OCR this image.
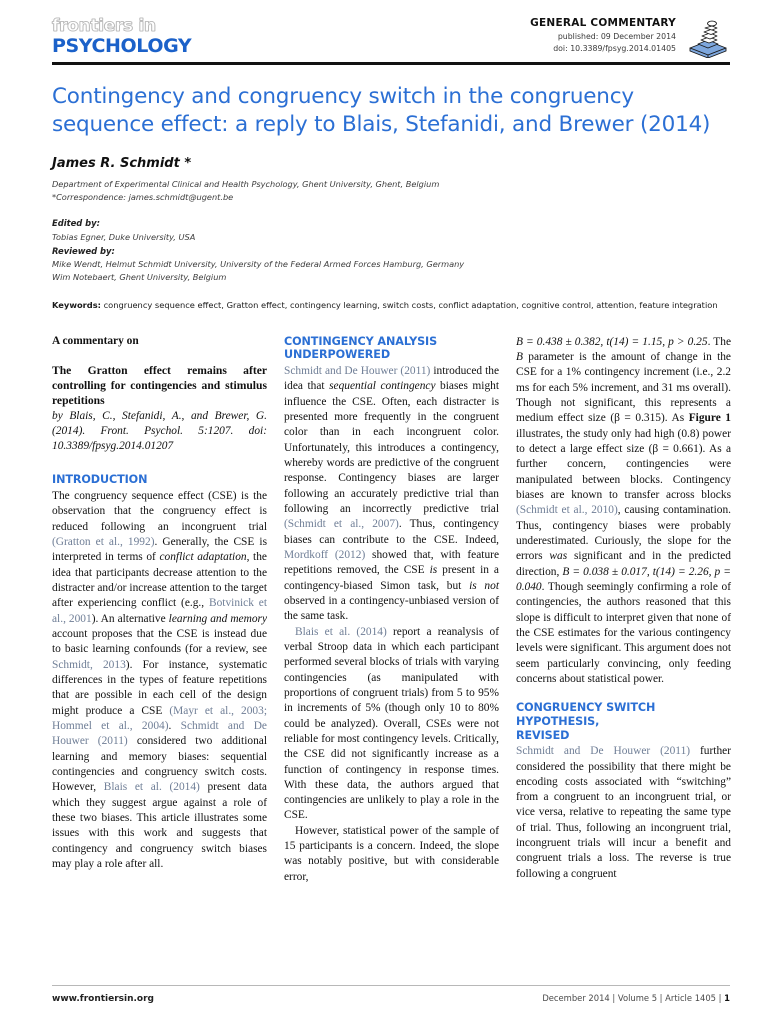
frontiers in
PSYCHOLOGY
GENERAL COMMENTARY
published: 09 December 2014
doi: 10.3389/fpsyg.2014.01405
Contingency and congruency switch in the congruency sequence effect: a reply to Blais, Stefanidi, and Brewer (2014)
James R. Schmidt *
Department of Experimental Clinical and Health Psychology, Ghent University, Ghent, Belgium
*Correspondence: james.schmidt@ugent.be
Edited by:
Tobias Egner, Duke University, USA
Reviewed by:
Mike Wendt, Helmut Schmidt University, University of the Federal Armed Forces Hamburg, Germany
Wim Notebaert, Ghent University, Belgium
Keywords: congruency sequence effect, Gratton effect, contingency learning, switch costs, conflict adaptation, cognitive control, attention, feature integration
A commentary on
The Gratton effect remains after controlling for contingencies and stimulus repetitions
by Blais, C., Stefanidi, A., and Brewer, G. (2014). Front. Psychol. 5:1207. doi: 10.3389/fpsyg.2014.01207
INTRODUCTION

The congruency sequence effect (CSE) is the observation that the congruency effect is reduced following an incongruent trial (Gratton et al., 1992). Generally, the CSE is interpreted in terms of conflict adaptation, the idea that participants decrease attention to the distracter and/or increase attention to the target after experiencing conflict (e.g., Botvinick et al., 2001). An alternative learning and memory account proposes that the CSE is instead due to basic learning confounds (for a review, see Schmidt, 2013). For instance, systematic differences in the types of feature repetitions that are possible in each cell of the design might produce a CSE (Mayr et al., 2003; Hommel et al., 2004). Schmidt and De Houwer (2011) considered two additional learning and memory biases: sequential contingencies and congruency switch costs. However, Blais et al. (2014) present data which they suggest argue against a role of these two biases. This article illustrates some issues with this work and suggests that contingency and congruency switch biases may play a role after all.

CONTINGENCY ANALYSIS
UNDERPOWERED

Schmidt and De Houwer (2011) introduced the idea that sequential contingency biases might influence the CSE. Often, each distracter is presented more frequently in the congruent color than in each incongruent color. Unfortunately, this introduces a contingency, whereby words are predictive of the congruent response. Contingency biases are larger following an accurately predictive trial than following an incorrectly predictive trial (Schmidt et al., 2007). Thus, contingency biases can contribute to the CSE. Indeed, Mordkoff (2012) showed that, with feature repetitions removed, the CSE is present in a contingency-biased Simon task, but is not observed in a contingency-unbiased version of the same task.

Blais et al. (2014) report a reanalysis of verbal Stroop data in which each participant performed several blocks of trials with varying contingencies (as manipulated with proportions of congruent trials) from 5 to 95% in increments of 5% (though only 10 to 80% could be analyzed). Overall, CSEs were not reliable for most contingency levels. Critically, the CSE did not significantly increase as a function of contingency in response times. With these data, the authors argued that contingencies are unlikely to play a role in the CSE.

However, statistical power of the sample of 15 participants is a concern. Indeed, the slope was notably positive, but with considerable error,

B = 0.438 ± 0.382, t(14) = 1.15, p > 0.25. The B parameter is the amount of change in the CSE for a 1% contingency increment (i.e., 2.2 ms for each 5% increment, and 31 ms overall). Though not significant, this represents a medium effect size (β = 0.315). As Figure 1 illustrates, the study only had high (0.8) power to detect a large effect size (β = 0.661). As a further concern, contingencies were manipulated between blocks. Contingency biases are known to transfer across blocks (Schmidt et al., 2010), causing contamination. Thus, contingency biases were probably underestimated. Curiously, the slope for the errors was significant and in the predicted direction, B = 0.038 ± 0.017, t(14) = 2.26, p = 0.040. Though seemingly confirming a role of contingencies, the authors reasoned that this slope is difficult to interpret given that none of the CSE estimates for the various contingency levels were significant. This argument does not seem particularly convincing, only feeding concerns about statistical power.

CONGRUENCY SWITCH HYPOTHESIS,
REVISED

Schmidt and De Houwer (2011) further considered the possibility that there might be encoding costs associated with “switching” from a congruent to an incongruent trial, or vice versa, relative to repeating the same type of trial. Thus, following an incongruent trial, incongruent trials will incur a benefit and congruent trials a loss. The reverse is true following a congruent

www.frontiersin.org	December 2014 | Volume 5 | Article 1405 | 1
